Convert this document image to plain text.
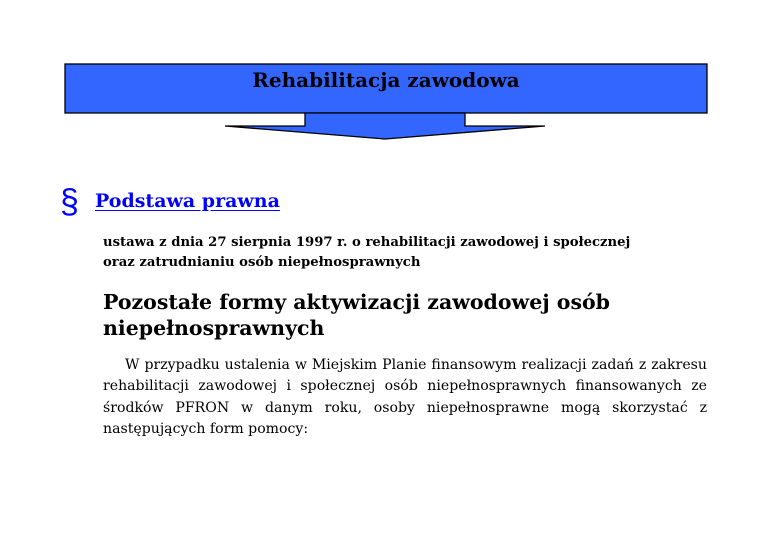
Rehabilitacja zawodowa
§ Podstawa prawna
ustawa z dnia 27 sierpnia 1997 r. o rehabilitacji zawodowej i społecznej
oraz zatrudnianiu osób niepełnosprawnych
Pozostałe formy aktywizacji zawodowej osób
niepełnosprawnych
W przypadku ustalenia w Miejskim Planie finansowym realizacji zadań z zakresu rehabilitacji zawodowej i społecznej osób niepełnosprawnych finansowanych ze środków PFRON w danym roku, osoby niepełnosprawne mogą skorzystać z następujących form pomocy:
